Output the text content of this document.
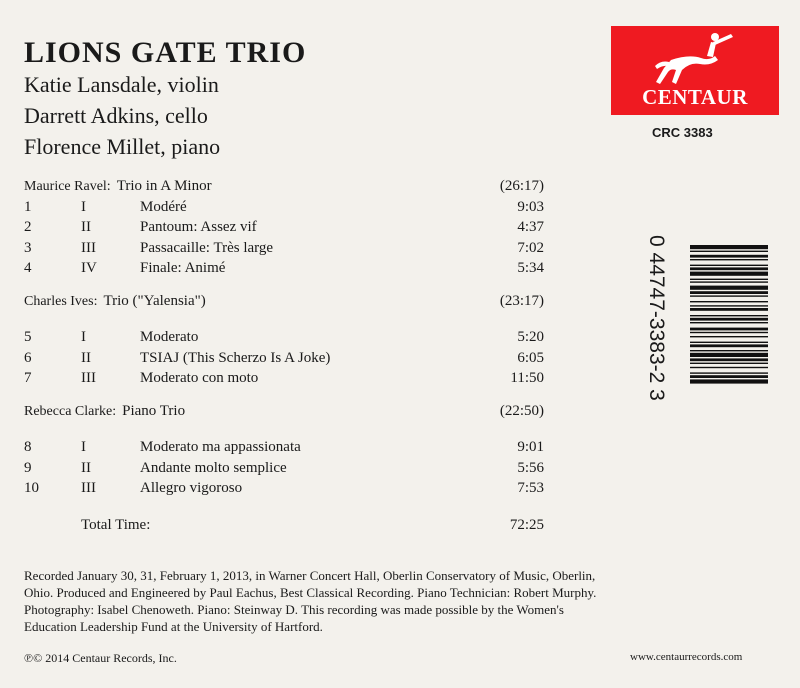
LIONS GATE TRIO
Katie Lansdale, violin
Darrett Adkins, cello
Florence Millet, piano
CENTAUR
CRC 3383
Maurice Ravel: Trio in A Minor	(26:17)
1	I	Modéré	9:03
2	II	Pantoum: Assez vif	4:37
3	III	Passacaille: Très large	7:02
4	IV	Finale: Animé	5:34
Charles Ives: Trio ("Yalensia")	(23:17)
5	I	Moderato	5:20
6	II	TSIAJ (This Scherzo Is A Joke)	6:05
7	III	Moderato con moto	11:50
Rebecca Clarke: Piano Trio	(22:50)
8	I	Moderato ma appassionata	9:01
9	II	Andante molto semplice	5:56
10	III	Allegro vigoroso	7:53
Total Time:	72:25
Recorded January 30, 31, February 1, 2013, in Warner Concert Hall, Oberlin Conservatory of Music, Oberlin,
Ohio. Produced and Engineered by Paul Eachus, Best Classical Recording. Piano Technician: Robert Murphy.
Photography: Isabel Chenoweth. Piano: Steinway D. This recording was made possible by the Women's
Education Leadership Fund at the University of Hartford.
℗© 2014 Centaur Records, Inc.	www.centaurrecords.com
0 44747-3383-2 3
